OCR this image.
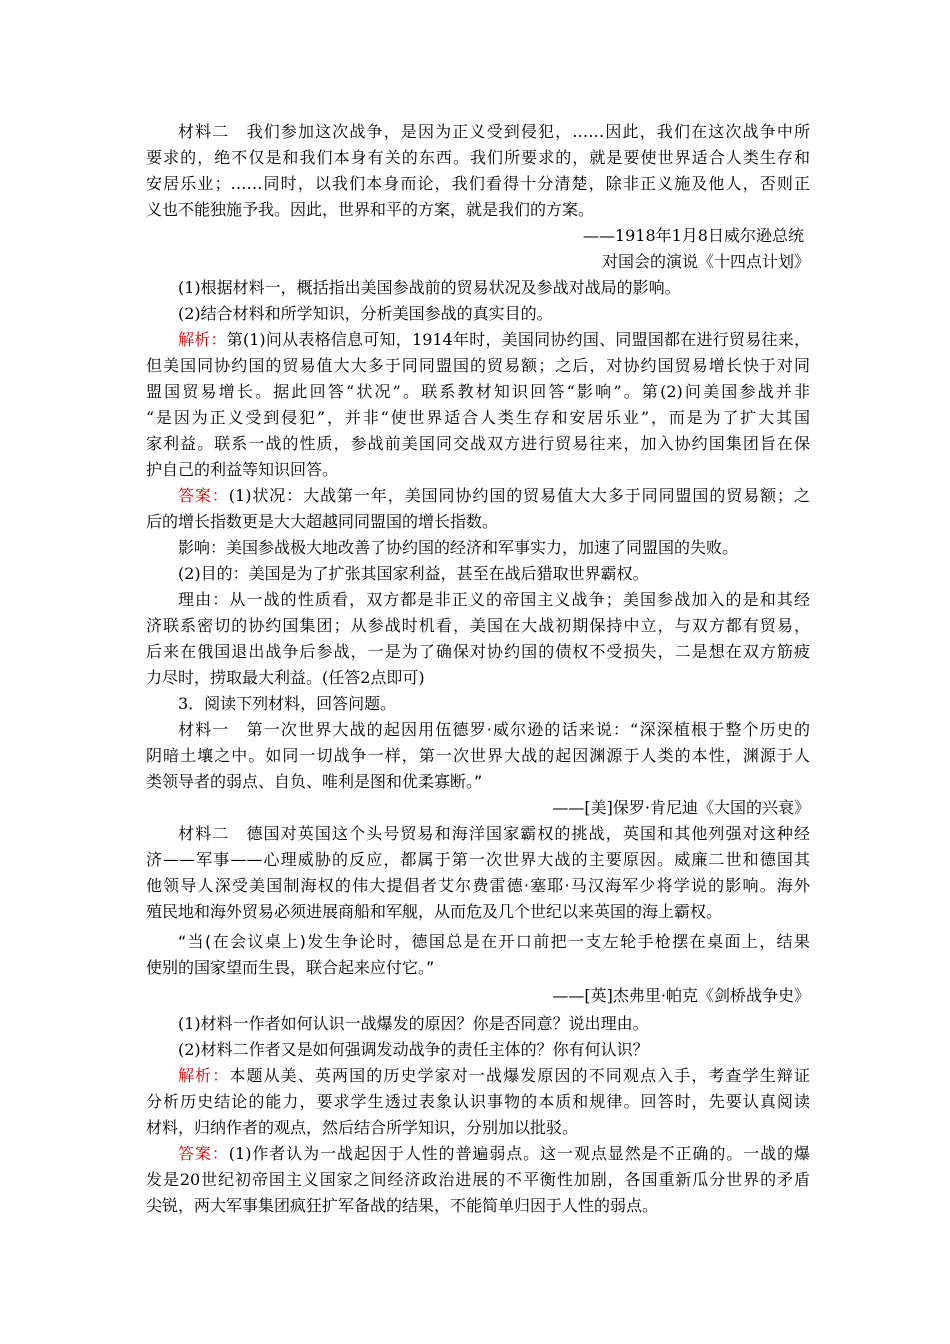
材料二　我们参加这次战争，是因为正义受到侵犯，……因此，我们在这次战争中所
要求的，绝不仅是和我们本身有关的东西。我们所要求的，就是要使世界适合人类生存和
安居乐业；……同时，以我们本身而论，我们看得十分清楚，除非正义施及他人，否则正
义也不能独施予我。因此，世界和平的方案，就是我们的方案。
——1918年1月8日威尔逊总统
对国会的演说《十四点计划》
(1)根据材料一，概括指出美国参战前的贸易状况及参战对战局的影响。
(2)结合材料和所学知识，分析美国参战的真实目的。
解析：第(1)问从表格信息可知，1914年时，美国同协约国、同盟国都在进行贸易往来，
但美国同协约国的贸易值大大多于同同盟国的贸易额；之后，对协约国贸易增长快于对同
盟国贸易增长。据此回答“状况”。联系教材知识回答“影响”。第(2)问美国参战并非
“是因为正义受到侵犯”，并非“使世界适合人类生存和安居乐业”，而是为了扩大其国
家利益。联系一战的性质，参战前美国同交战双方进行贸易往来，加入协约国集团旨在保
护自己的利益等知识回答。
答案：(1)状况：大战第一年，美国同协约国的贸易值大大多于同同盟国的贸易额；之
后的增长指数更是大大超越同同盟国的增长指数。
影响：美国参战极大地改善了协约国的经济和军事实力，加速了同盟国的失败。
(2)目的：美国是为了扩张其国家利益，甚至在战后猎取世界霸权。
理由：从一战的性质看，双方都是非正义的帝国主义战争；美国参战加入的是和其经
济联系密切的协约国集团；从参战时机看，美国在大战初期保持中立，与双方都有贸易，
后来在俄国退出战争后参战，一是为了确保对协约国的债权不受损失，二是想在双方筋疲
力尽时，捞取最大利益。(任答2点即可)
3．阅读下列材料，回答问题。
材料一　第一次世界大战的起因用伍德罗·威尔逊的话来说：“深深植根于整个历史的
阴暗土壤之中。如同一切战争一样，第一次世界大战的起因渊源于人类的本性，渊源于人
类领导者的弱点、自负、唯利是图和优柔寡断。”
——[美]保罗·肯尼迪《大国的兴衰》
材料二　德国对英国这个头号贸易和海洋国家霸权的挑战，英国和其他列强对这种经
济——军事——心理威胁的反应，都属于第一次世界大战的主要原因。威廉二世和德国其
他领导人深受美国制海权的伟大提倡者艾尔费雷德·塞耶·马汉海军少将学说的影响。海外
殖民地和海外贸易必须进展商船和军舰，从而危及几个世纪以来英国的海上霸权。
“当(在会议桌上)发生争论时，德国总是在开口前把一支左轮手枪摆在桌面上，结果
使别的国家望而生畏，联合起来应付它。”
——[英]杰弗里·帕克《剑桥战争史》
(1)材料一作者如何认识一战爆发的原因？你是否同意？说出理由。
(2)材料二作者又是如何强调发动战争的责任主体的？你有何认识？
解析：本题从美、英两国的历史学家对一战爆发原因的不同观点入手，考查学生辩证
分析历史结论的能力，要求学生透过表象认识事物的本质和规律。回答时，先要认真阅读
材料，归纳作者的观点，然后结合所学知识，分别加以批驳。
答案：(1)作者认为一战起因于人性的普遍弱点。这一观点显然是不正确的。一战的爆
发是20世纪初帝国主义国家之间经济政治进展的不平衡性加剧，各国重新瓜分世界的矛盾
尖锐，两大军事集团疯狂扩军备战的结果，不能简单归因于人性的弱点。
